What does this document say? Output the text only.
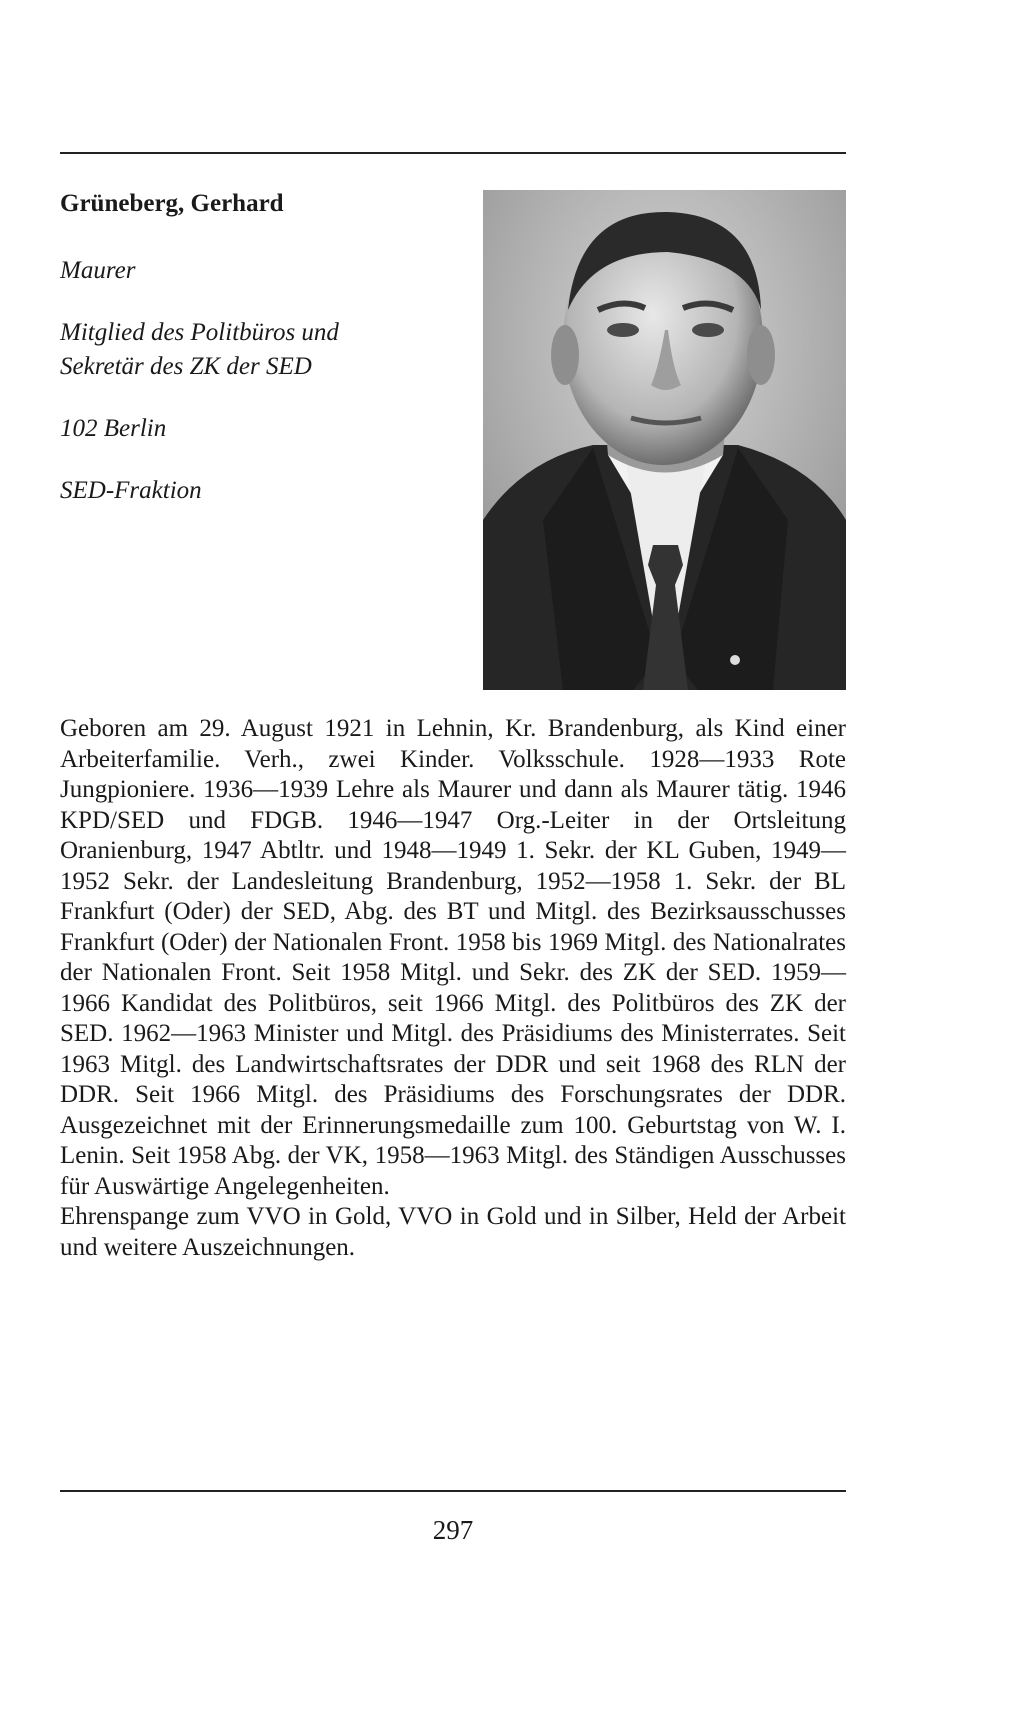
Grüneberg, Gerhard
Maurer
Mitglied des Politbüros und
Sekretär des ZK der SED
102 Berlin
SED-Fraktion

Geboren am 29. August 1921 in Lehnin, Kr. Brandenburg, als Kind einer Arbeiterfamilie. Verh., zwei Kinder. Volksschule. 1928—1933 Rote Jungpioniere. 1936—1939 Lehre als Maurer und dann als Maurer tätig. 1946 KPD/SED und FDGB. 1946—1947 Org.-Leiter in der Ortsleitung Oranienburg, 1947 Abtltr. und 1948—1949 1. Sekr. der KL Guben, 1949—1952 Sekr. der Landesleitung Brandenburg, 1952—1958 1. Sekr. der BL Frankfurt (Oder) der SED, Abg. des BT und Mitgl. des Bezirksausschusses Frankfurt (Oder) der Nationalen Front. 1958 bis 1969 Mitgl. des Nationalrates der Nationalen Front. Seit 1958 Mitgl. und Sekr. des ZK der SED. 1959—1966 Kandidat des Politbüros, seit 1966 Mitgl. des Politbüros des ZK der SED. 1962—1963 Minister und Mitgl. des Präsidiums des Ministerrates. Seit 1963 Mitgl. des Landwirtschaftsrates der DDR und seit 1968 des RLN der DDR. Seit 1966 Mitgl. des Präsidiums des Forschungsrates der DDR. Ausgezeichnet mit der Erinnerungsmedaille zum 100. Geburtstag von W. I. Lenin. Seit 1958 Abg. der VK, 1958—1963 Mitgl. des Ständigen Ausschusses für Auswärtige Angelegenheiten.

Ehrenspange zum VVO in Gold, VVO in Gold und in Silber, Held der Arbeit und weitere Auszeichnungen.

297
